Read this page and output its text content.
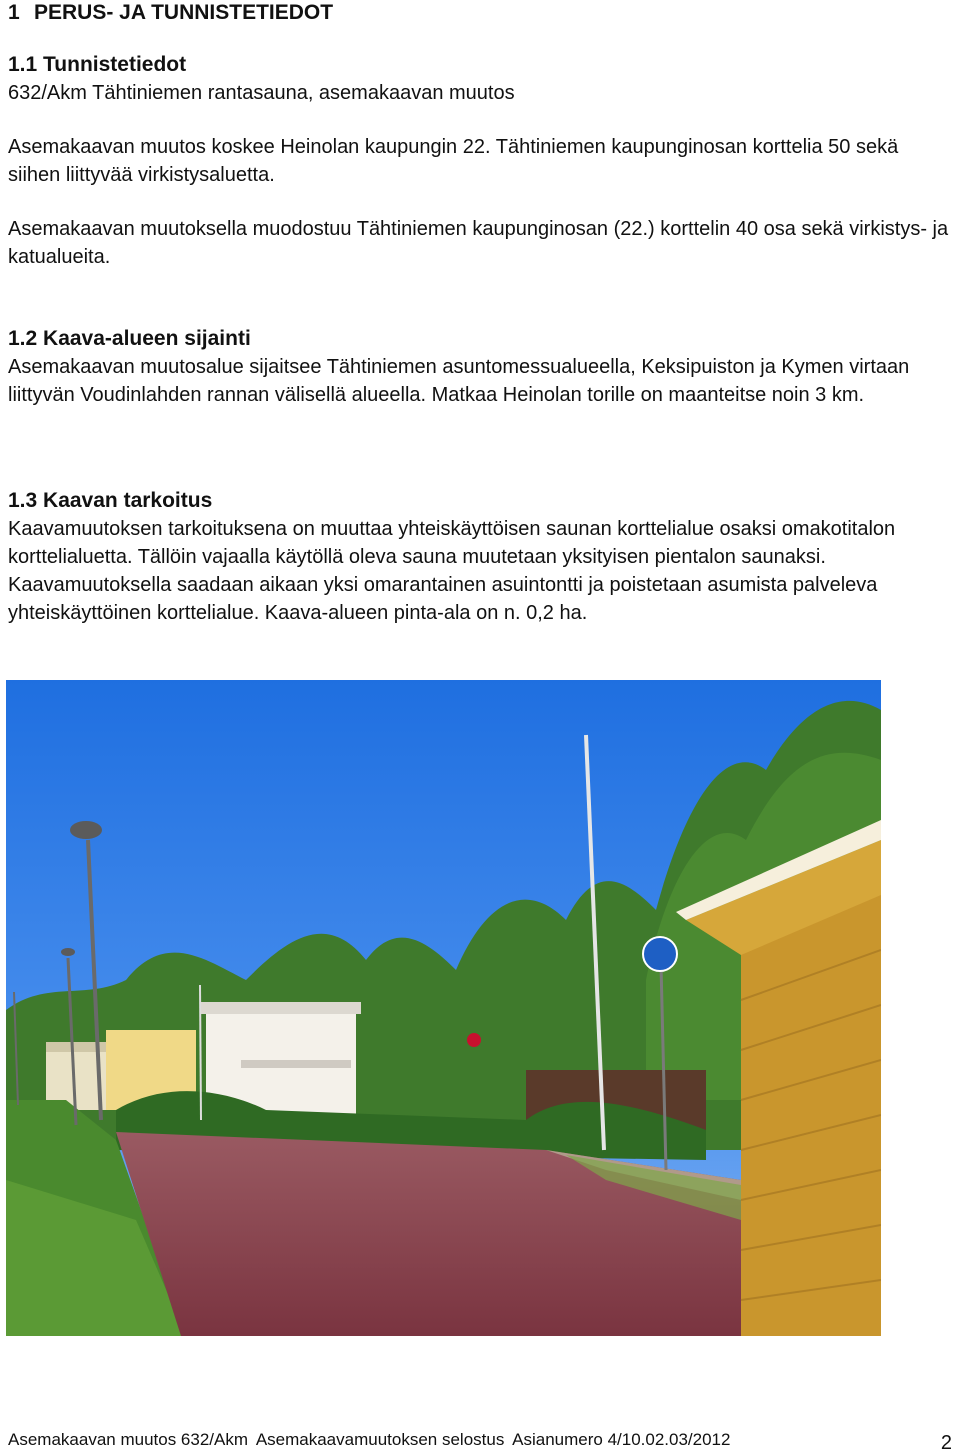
1 PERUS- JA TUNNISTETIEDOT
1.1 Tunnistetiedot
632/Akm Tähtiniemen rantasauna, asemakaavan muutos
Asemakaavan muutos koskee Heinolan kaupungin 22. Tähtiniemen kaupunginosan korttelia 50 sekä siihen liittyvää virkistysaluetta.
Asemakaavan muutoksella muodostuu Tähtiniemen kaupunginosan (22.) korttelin 40 osa sekä virkistys- ja katualueita.
1.2 Kaava-alueen sijainti
Asemakaavan muutosalue sijaitsee Tähtiniemen asuntomessualueella, Keksipuiston ja Kymen virtaan liittyvän Voudinlahden rannan välisellä alueella. Matkaa Heinolan torille on maanteitse noin 3 km.
1.3 Kaavan tarkoitus
Kaavamuutoksen tarkoituksena on muuttaa yhteiskäyttöisen saunan korttelialue osaksi omakotitalon korttelialuetta. Tällöin vajaalla käytöllä oleva sauna muutetaan yksityisen pientalon saunaksi. Kaavamuutoksella saadaan aikaan yksi omarantainen asuintontti ja poistetaan asumista palveleva yhteiskäyttöinen korttelialue. Kaava-alueen pinta-ala on n. 0,2 ha.
Asemakaavan muutos 632/Akm Asemakaavamuutoksen selostus Asianumero 4/10.02.03/2012	2
